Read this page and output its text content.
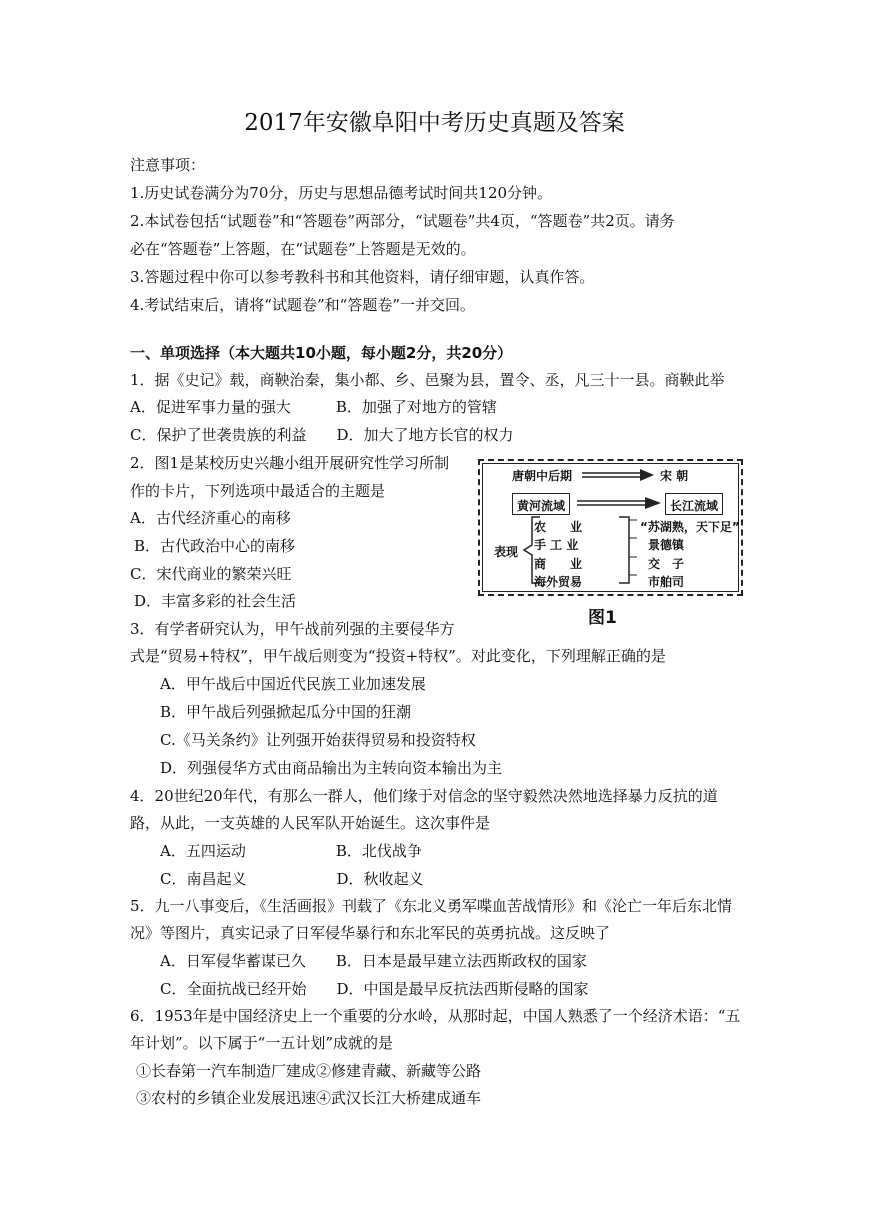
2017年安徽阜阳中考历史真题及答案
注意事项：
1.历史试卷满分为70分，历史与思想品德考试时间共120分钟。
2.本试卷包括“试题卷”和“答题卷”两部分，“试题卷”共4页，“答题卷”共2页。请务
必在“答题卷”上答题，在“试题卷”上答题是无效的。
3.答题过程中你可以参考教科书和其他资料，请仔细审题，认真作答。
4.考试结束后，请将“试题卷”和“答题卷”一并交回。
一、单项选择（本大题共10小题，每小题2分，共20分）
1．据《史记》载，商鞅治秦，集小都、乡、邑聚为县，置令、丞，凡三十一县。商鞅此举
A．促进军事力量的强大　　　B．加强了对地方的管辖
C．保护了世袭贵族的利益　　D．加大了地方长官的权力
2．图1是某校历史兴趣小组开展研究性学习所制
作的卡片，下列选项中最适合的主题是
A．古代经济重心的南移
B．古代政治中心的南移
C．宋代商业的繁荣兴旺
D．丰富多彩的社会生活
唐朝中后期	宋 朝
黄河流域	长江流域
表现
农　　业
手 工 业
商　　业
海外贸易
“苏湖熟，天下足”
景德镇
交　子
市舶司
图1
3．有学者研究认为，甲午战前列强的主要侵华方
式是“贸易+特权”，甲午战后则变为“投资+特权”。对此变化，下列理解正确的是
A．甲午战后中国近代民族工业加速发展
B．甲午战后列强掀起瓜分中国的狂潮
C.《马关条约》让列强开始获得贸易和投资特权
D．列强侵华方式由商品输出为主转向资本输出为主
4．20世纪20年代，有那么一群人，他们缘于对信念的坚守毅然决然地选择暴力反抗的道
路，从此，一支英雄的人民军队开始诞生。这次事件是
A．五四运动　　　　　　B．北伐战争
C．南昌起义　　　　　　D．秋收起义
5．九一八事变后，《生活画报》刊载了《东北义勇军喋血苦战情形》和《沦亡一年后东北情
况》等图片，真实记录了日军侵华暴行和东北军民的英勇抗战。这反映了
A．日军侵华蓄谋已久　　B．日本是最早建立法西斯政权的国家
C．全面抗战已经开始　　D．中国是最早反抗法西斯侵略的国家
6．1953年是中国经济史上一个重要的分水岭，从那时起，中国人熟悉了一个经济术语：“五
年计划”。以下属于“一五计划”成就的是
①长春第一汽车制造厂建成②修建青藏、新藏等公路
③农村的乡镇企业发展迅速④武汉长江大桥建成通车
